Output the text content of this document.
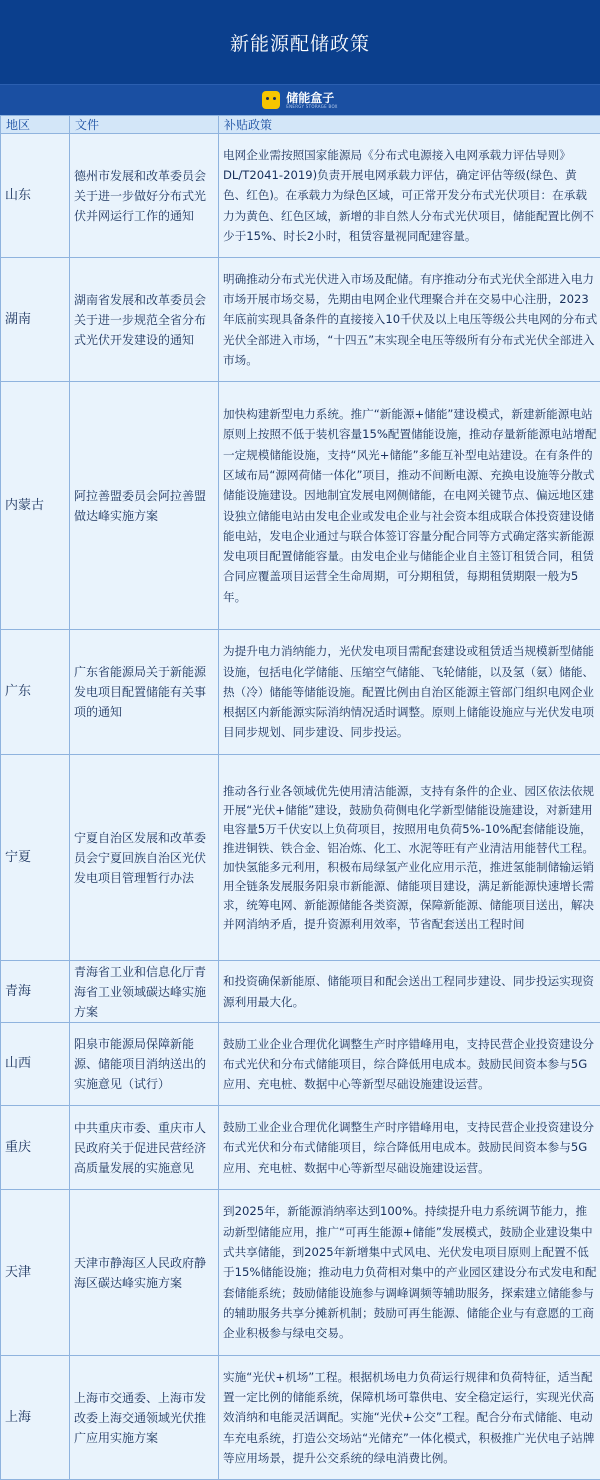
新能源配储政策
储能盒子
ENERGY STORAGE BOX
地区	文件	补贴政策
山东	德州市发展和改革委员会关于进一步做好分布式光伏并网运行工作的通知	电网企业需按照国家能源局《分布式电源接入电网承载力评估导则》DL/T2041-2019)负责开展电网承载力评估，确定评估等级(绿色、黄色、红色)。在承载力为绿色区域，可正常开发分布式光伏项目：在承载力为黄色、红色区域，新增的非自然人分布式光伏项目，储能配置比例不少于15%、时长2小时，租赁容量视同配建容量。
湖南	湖南省发展和改革委员会关于进一步规范全省分布式光伏开发建设的通知	明确推动分布式光伏进入市场及配储。有序推动分布式光伏全部进入电力市场开展市场交易，先期由电网企业代理聚合并在交易中心注册，2023年底前实现具备条件的直接接入10千伏及以上电压等级公共电网的分布式光伏全部进入市场，“十四五”末实现全电压等级所有分布式光伏全部进入市场。
内蒙古	阿拉善盟委员会阿拉善盟做达峰实施方案	加快构建新型电力系统。推广“新能源+储能”建设模式，新建新能源电站原则上按照不低于装机容量15%配置储能设施，推动存量新能源电站增配一定规模储能设施，支持“风光+储能”多能互补型电站建设。在有条件的区域布局“源网荷储一体化”项目，推动不间断电源、充换电设施等分散式储能设施建设。因地制宜发展电网侧储能，在电网关键节点、偏远地区建设独立储能电站由发电企业或发电企业与社会资本组成联合体投资建设储能电站，发电企业通过与联合体签订容量分配合同等方式确定落实新能源发电项目配置储能容量。由发电企业与储能企业自主签订租赁合同，租赁合同应覆盖项目运营全生命周期，可分期租赁，每期租赁期限一般为5年。
广东	广东省能源局关于新能源发电项目配置储能有关事项的通知	为提升电力消纳能力，光伏发电项目需配套建设或租赁适当规模新型储能设施，包括电化学储能、压缩空气储能、飞轮储能，以及氢（氨）储能、热（冷）储能等储能设施。配置比例由自治区能源主管部门组织电网企业根据区内新能源实际消纳情况适时调整。原则上储能设施应与光伏发电项目同步规划、同步建设、同步投运。
宁夏	宁夏自治区发展和改革委员会宁夏回族自治区光伏发电项目管理暂行办法	推动各行业各领域优先使用清洁能源，支持有条件的企业、园区依法依规开展“光伏+储能”建设，鼓励负荷侧电化学新型储能设施建设，对新建用电容量5万千伏安以上负荷项目，按照用电负荷5%-10%配套储能设施，推进铜铁、铁合金、铝冶炼、化工、水泥等旺有产业清洁用能替代工程。加快氢能多元利用，积极布局绿氢产业化应用示范，推进氢能制储输运销用全链条发展服务阳泉市新能源、储能项目建设，满足新能源快速增长需求，统筹电网、新能源储能各类资源，保障新能源、储能项目送出，解决并网消纳矛盾，提升资源利用效率，节省配套送出工程时间
青海	青海省工业和信息化厅青海省工业领域碳达峰实施方案	和投资确保新能原、储能项目和配会送出工程同步建设、同步投运实现资源利用最大化。
山西	阳泉市能源局保障新能源、储能项目消纳送出的实施意见（试行）	鼓励工业企业合理优化调整生产时序错峰用电，支持民营企业投资建设分布式光伏和分布式储能项目，综合降低用电成本。鼓励民间资本参与5G应用、充电桩、数据中心等新型尽础设施建设运营。
重庆	中共重庆市委、重庆市人民政府关于促进民营经济高质量发展的实施意见	鼓励工业企业合理优化调整生产时序错峰用电，支持民营企业投资建设分布式光伏和分布式储能项目，综合降低用电成本。鼓励民间资本参与5G应用、充电桩、数据中心等新型尽础设施建设运营。
天津	天津市静海区人民政府静海区碳达峰实施方案	到2025年，新能源消纳率达到100%。持续提升电力系统调节能力，推动新型储能应用，推广“可再生能源+储能”发展模式，鼓励企业建设集中式共享储能，到2025年新增集中式风电、光伏发电项目原则上配置不低于15%储能设施；推动电力负荷相对集中的产业园区建设分布式发电和配套储能系统；鼓励储能设施参与调峰调频等辅助服务，探索建立储能参与的辅助服务共享分摊新机制；鼓励可再生能源、储能企业与有意愿的工商企业积极参与绿电交易。
上海	上海市交通委、上海市发改委上海交通领域光伏推广应用实施方案	实施“光伏+机场”工程。根据机场电力负荷运行规律和负荷特征，适当配置一定比例的储能系统，保障机场可靠供电、安全稳定运行，实现光伏高效消纳和电能灵活调配。实施“光伏+公交”工程。配合分布式储能、电动车充电系统，打造公交场站“光储充”一体化模式，积极推广光伏电子站牌等应用场景，提升公交系统的绿电消费比例。
